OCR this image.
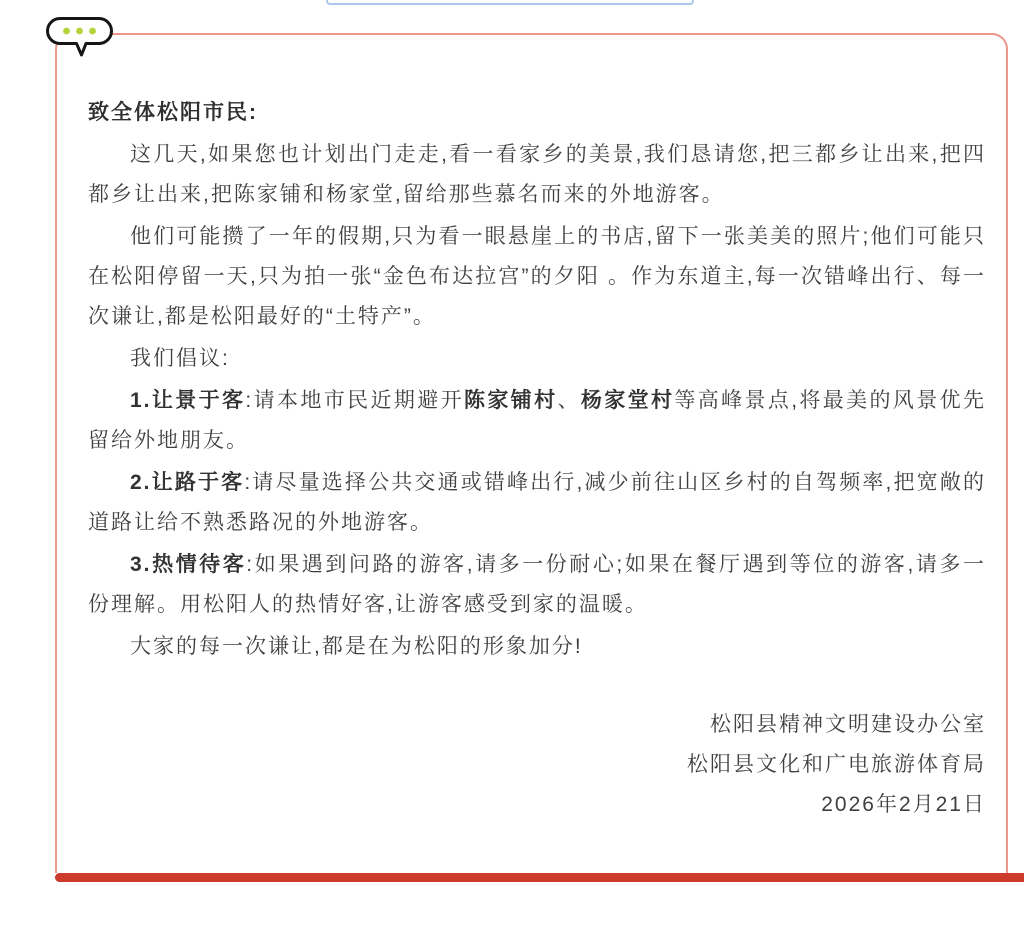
致全体松阳市民:

这几天,如果您也计划出门走走,看一看家乡的美景,我们恳请您,把三都乡让出来,把四都乡让出来,把陈家铺和杨家堂,留给那些慕名而来的外地游客。

他们可能攒了一年的假期,只为看一眼悬崖上的书店,留下一张美美的照片;他们可能只在松阳停留一天,只为拍一张“金色布达拉宫”的夕阳 。作为东道主,每一次错峰出行、每一次谦让,都是松阳最好的“土特产”。

我们倡议:

1.让景于客:请本地市民近期避开陈家铺村、杨家堂村等高峰景点,将最美的风景优先留给外地朋友。

2.让路于客:请尽量选择公共交通或错峰出行,减少前往山区乡村的自驾频率,把宽敞的道路让给不熟悉路况的外地游客。

3.热情待客:如果遇到问路的游客,请多一份耐心;如果在餐厅遇到等位的游客,请多一份理解。用松阳人的热情好客,让游客感受到家的温暖。

大家的每一次谦让,都是在为松阳的形象加分!

松阳县精神文明建设办公室

松阳县文化和广电旅游体育局

2026年2月21日
